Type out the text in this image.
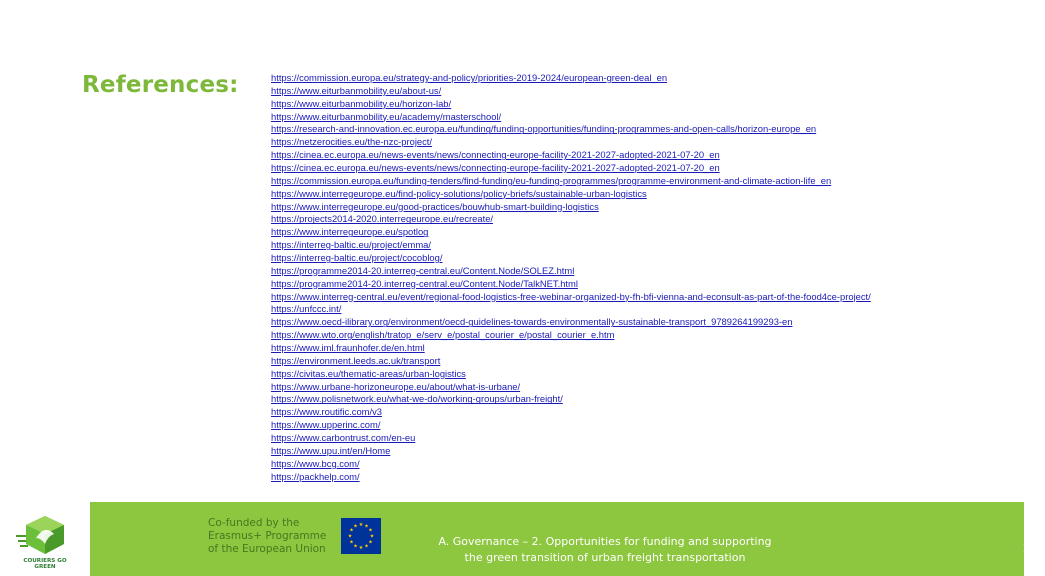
References:	https://commission.europa.eu/strategy-and-policy/priorities-2019-2024/european-green-deal_en
https://www.eiturbanmobility.eu/about-us/
https://www.eiturbanmobility.eu/horizon-lab/
https://www.eiturbanmobility.eu/academy/masterschool/
https://research-and-innovation.ec.europa.eu/funding/funding-opportunities/funding-programmes-and-open-calls/horizon-europe_en
https://netzerocities.eu/the-nzc-project/
https://cinea.ec.europa.eu/news-events/news/connecting-europe-facility-2021-2027-adopted-2021-07-20_en
https://cinea.ec.europa.eu/news-events/news/connecting-europe-facility-2021-2027-adopted-2021-07-20_en
https://commission.europa.eu/funding-tenders/find-funding/eu-funding-programmes/programme-environment-and-climate-action-life_en
https://www.interregeurope.eu/find-policy-solutions/policy-briefs/sustainable-urban-logistics
https://www.interregeurope.eu/good-practices/bouwhub-smart-building-logistics
https://projects2014-2020.interregeurope.eu/recreate/
https://www.interregeurope.eu/spotlog
https://interreg-baltic.eu/project/emma/
https://interreg-baltic.eu/project/cocoblog/
https://programme2014-20.interreg-central.eu/Content.Node/SOLEZ.html
https://programme2014-20.interreg-central.eu/Content.Node/TalkNET.html
https://www.interreg-central.eu/event/regional-food-logistics-free-webinar-organized-by-fh-bfi-vienna-and-econsult-as-part-of-the-food4ce-project/
https://unfccc.int/
https://www.oecd-ilibrary.org/environment/oecd-guidelines-towards-environmentally-sustainable-transport_9789264199293-en
https://www.wto.org/english/tratop_e/serv_e/postal_courier_e/postal_courier_e.htm
https://www.iml.fraunhofer.de/en.html
https://environment.leeds.ac.uk/transport
https://civitas.eu/thematic-areas/urban-logistics
https://www.urbane-horizoneurope.eu/about/what-is-urbane/
https://www.polisnetwork.eu/what-we-do/working-groups/urban-freight/
https://www.routific.com/v3
https://www.upperinc.com/
https://www.carbontrust.com/en-eu
https://www.upu.int/en/Home
https://www.bcg.com/
https://packhelp.com/
COURIERS GO GREEN
Co-funded by the
Erasmus+ Programme
of the European Union
★ ★
★
★
★
★
★
★
★
★
★
★
A. Governance – 2. Opportunities for funding and supporting
the green transition of urban freight transportation
24
